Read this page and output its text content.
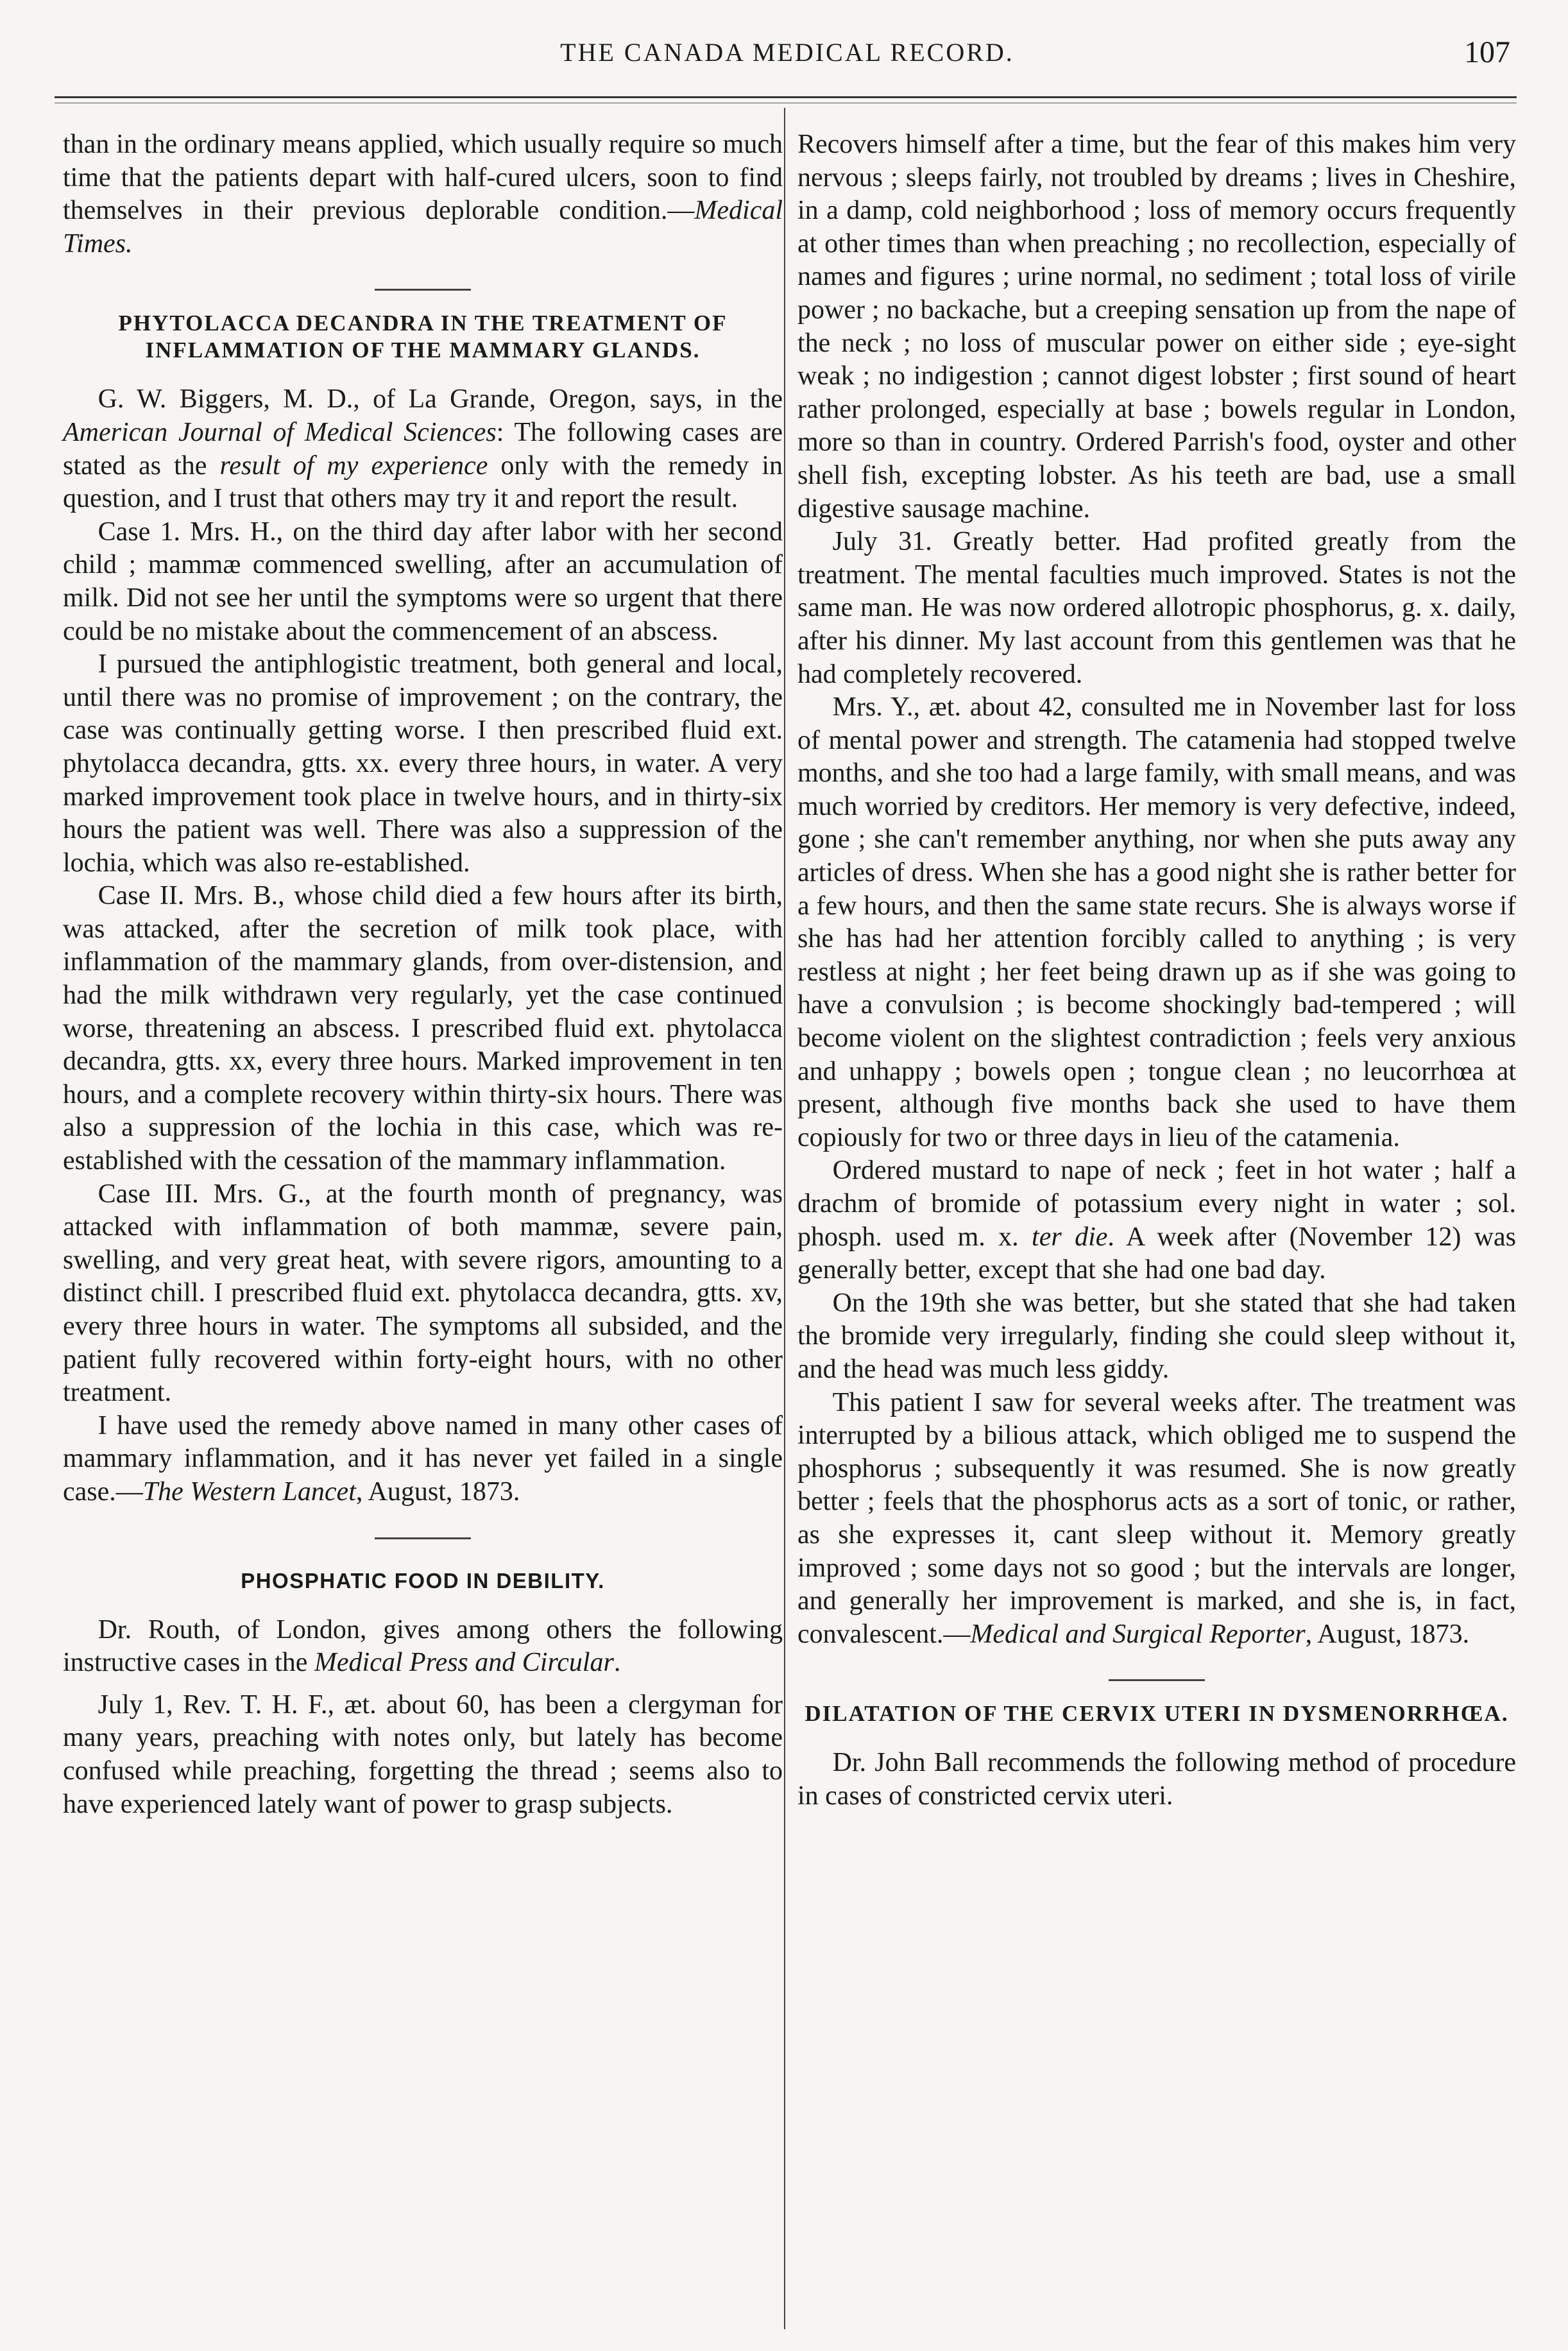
THE CANADA MEDICAL RECORD.	107

than in the ordinary means applied, which usually require so much time that the patients depart with half-cured ulcers, soon to find themselves in their previous deplorable condition.—Medical Times.

PHYTOLACCA DECANDRA IN THE TREATMENT OF INFLAMMATION OF THE MAMMARY GLANDS.

G. W. Biggers, M. D., of La Grande, Oregon, says, in the American Journal of Medical Sciences: The following cases are stated as the result of my experience only with the remedy in question, and I trust that others may try it and report the result.

Case 1. Mrs. H., on the third day after labor with her second child ; mammæ commenced swelling, after an accumulation of milk. Did not see her until the symptoms were so urgent that there could be no mistake about the commencement of an abscess.

I pursued the antiphlogistic treatment, both general and local, until there was no promise of improvement ; on the contrary, the case was continually getting worse. I then prescribed fluid ext. phytolacca decandra, gtts. xx. every three hours, in water. A very marked improvement took place in twelve hours, and in thirty-six hours the patient was well. There was also a suppression of the lochia, which was also re-established.

Case II. Mrs. B., whose child died a few hours after its birth, was attacked, after the secretion of milk took place, with inflammation of the mammary glands, from over-distension, and had the milk withdrawn very regularly, yet the case continued worse, threatening an abscess. I prescribed fluid ext. phytolacca decandra, gtts. xx, every three hours. Marked improvement in ten hours, and a complete recovery within thirty-six hours. There was also a suppression of the lochia in this case, which was re-established with the cessation of the mammary inflammation.

Case III. Mrs. G., at the fourth month of pregnancy, was attacked with inflammation of both mammæ, severe pain, swelling, and very great heat, with severe rigors, amounting to a distinct chill. I prescribed fluid ext. phytolacca decandra, gtts. xv, every three hours in water. The symptoms all subsided, and the patient fully recovered within forty-eight hours, with no other treatment.

I have used the remedy above named in many other cases of mammary inflammation, and it has never yet failed in a single case.—The Western Lancet, August, 1873.

PHOSPHATIC FOOD IN DEBILITY.

Dr. Routh, of London, gives among others the following instructive cases in the Medical Press and Circular.

July 1, Rev. T. H. F., æt. about 60, has been a clergyman for many years, preaching with notes only, but lately has become confused while preaching, forgetting the thread ; seems also to have experienced lately want of power to grasp subjects.

Recovers himself after a time, but the fear of this makes him very nervous ; sleeps fairly, not troubled by dreams ; lives in Cheshire, in a damp, cold neighborhood ; loss of memory occurs frequently at other times than when preaching ; no recollection, especially of names and figures ; urine normal, no sediment ; total loss of virile power ; no backache, but a creeping sensation up from the nape of the neck ; no loss of muscular power on either side ; eye-sight weak ; no indigestion ; cannot digest lobster ; first sound of heart rather prolonged, especially at base ; bowels regular in London, more so than in country. Ordered Parrish's food, oyster and other shell fish, excepting lobster. As his teeth are bad, use a small digestive sausage machine.

July 31. Greatly better. Had profited greatly from the treatment. The mental faculties much improved. States is not the same man. He was now ordered allotropic phosphorus, g. x. daily, after his dinner. My last account from this gentlemen was that he had completely recovered.

Mrs. Y., æt. about 42, consulted me in November last for loss of mental power and strength. The catamenia had stopped twelve months, and she too had a large family, with small means, and was much worried by creditors. Her memory is very defective, indeed, gone ; she can't remember anything, nor when she puts away any articles of dress. When she has a good night she is rather better for a few hours, and then the same state recurs. She is always worse if she has had her attention forcibly called to anything ; is very restless at night ; her feet being drawn up as if she was going to have a convulsion ; is become shockingly bad-tempered ; will become violent on the slightest contradiction ; feels very anxious and unhappy ; bowels open ; tongue clean ; no leucorrhœa at present, although five months back she used to have them copiously for two or three days in lieu of the catamenia.

Ordered mustard to nape of neck ; feet in hot water ; half a drachm of bromide of potassium every night in water ; sol. phosph. used m. x. ter die. A week after (November 12) was generally better, except that she had one bad day.

On the 19th she was better, but she stated that she had taken the bromide very irregularly, finding she could sleep without it, and the head was much less giddy.

This patient I saw for several weeks after. The treatment was interrupted by a bilious attack, which obliged me to suspend the phosphorus ; subsequently it was resumed. She is now greatly better ; feels that the phosphorus acts as a sort of tonic, or rather, as she expresses it, cant sleep without it. Memory greatly improved ; some days not so good ; but the intervals are longer, and generally her improvement is marked, and she is, in fact, convalescent.—Medical and Surgical Reporter, August, 1873.

DILATATION OF THE CERVIX UTERI IN DYSMENORRHŒA.

Dr. John Ball recommends the following method of procedure in cases of constricted cervix uteri.
